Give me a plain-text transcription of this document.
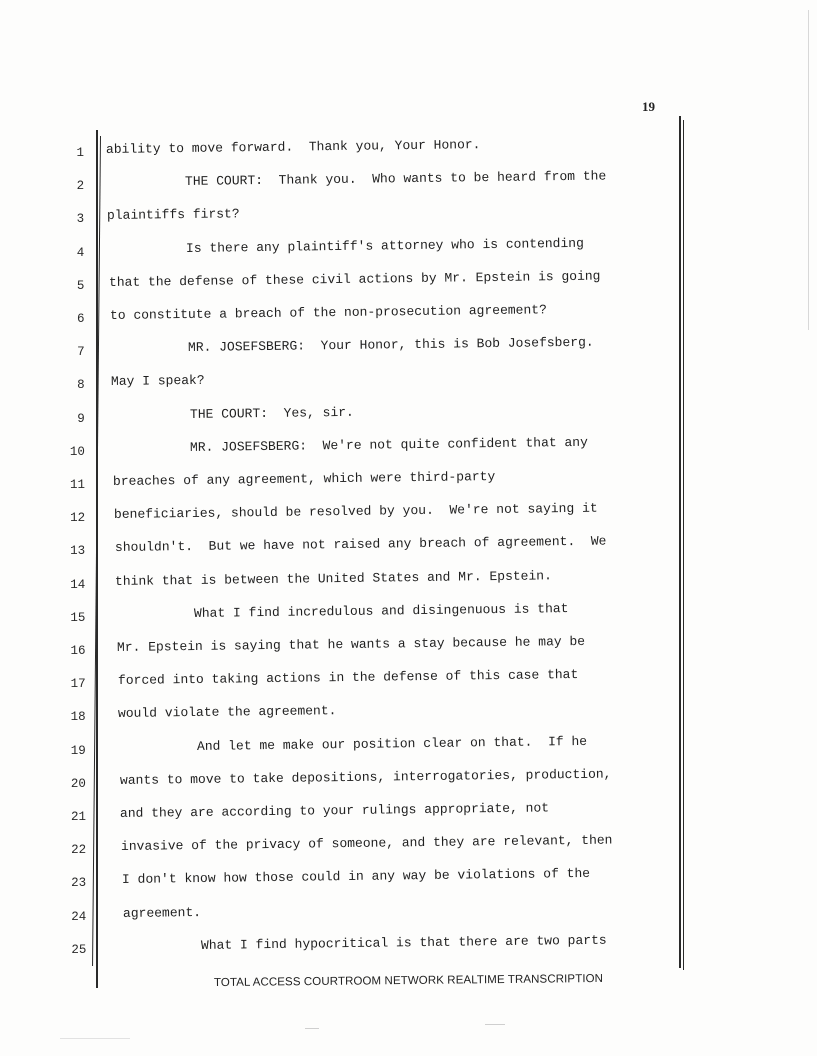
19
1 ability to move forward.  Thank you, Your Honor.
2 THE COURT:  Thank you.  Who wants to be heard from the
3 plaintiffs first?
4 Is there any plaintiff's attorney who is contending
5 that the defense of these civil actions by Mr. Epstein is going
6 to constitute a breach of the non-prosecution agreement?
7 MR. JOSEFSBERG:  Your Honor, this is Bob Josefsberg.
8 May I speak?
9 THE COURT:  Yes, sir.
10 MR. JOSEFSBERG:  We're not quite confident that any
11 breaches of any agreement, which were third-party
12 beneficiaries, should be resolved by you.  We're not saying it
13 shouldn't.  But we have not raised any breach of agreement.  We
14 think that is between the United States and Mr. Epstein.
15 What I find incredulous and disingenuous is that
16 Mr. Epstein is saying that he wants a stay because he may be
17 forced into taking actions in the defense of this case that
18 would violate the agreement.
19	And let me make our position clear on that.  If he
20	wants to move to take depositions, interrogatories, production,
21	and they are according to your rulings appropriate, not
22	invasive of the privacy of someone, and they are relevant, then
23	I don't know how those could in any way be violations of the
24	agreement.
25	What I find hypocritical is that there are two parts
TOTAL ACCESS COURTROOM NETWORK REALTIME TRANSCRIPTION
